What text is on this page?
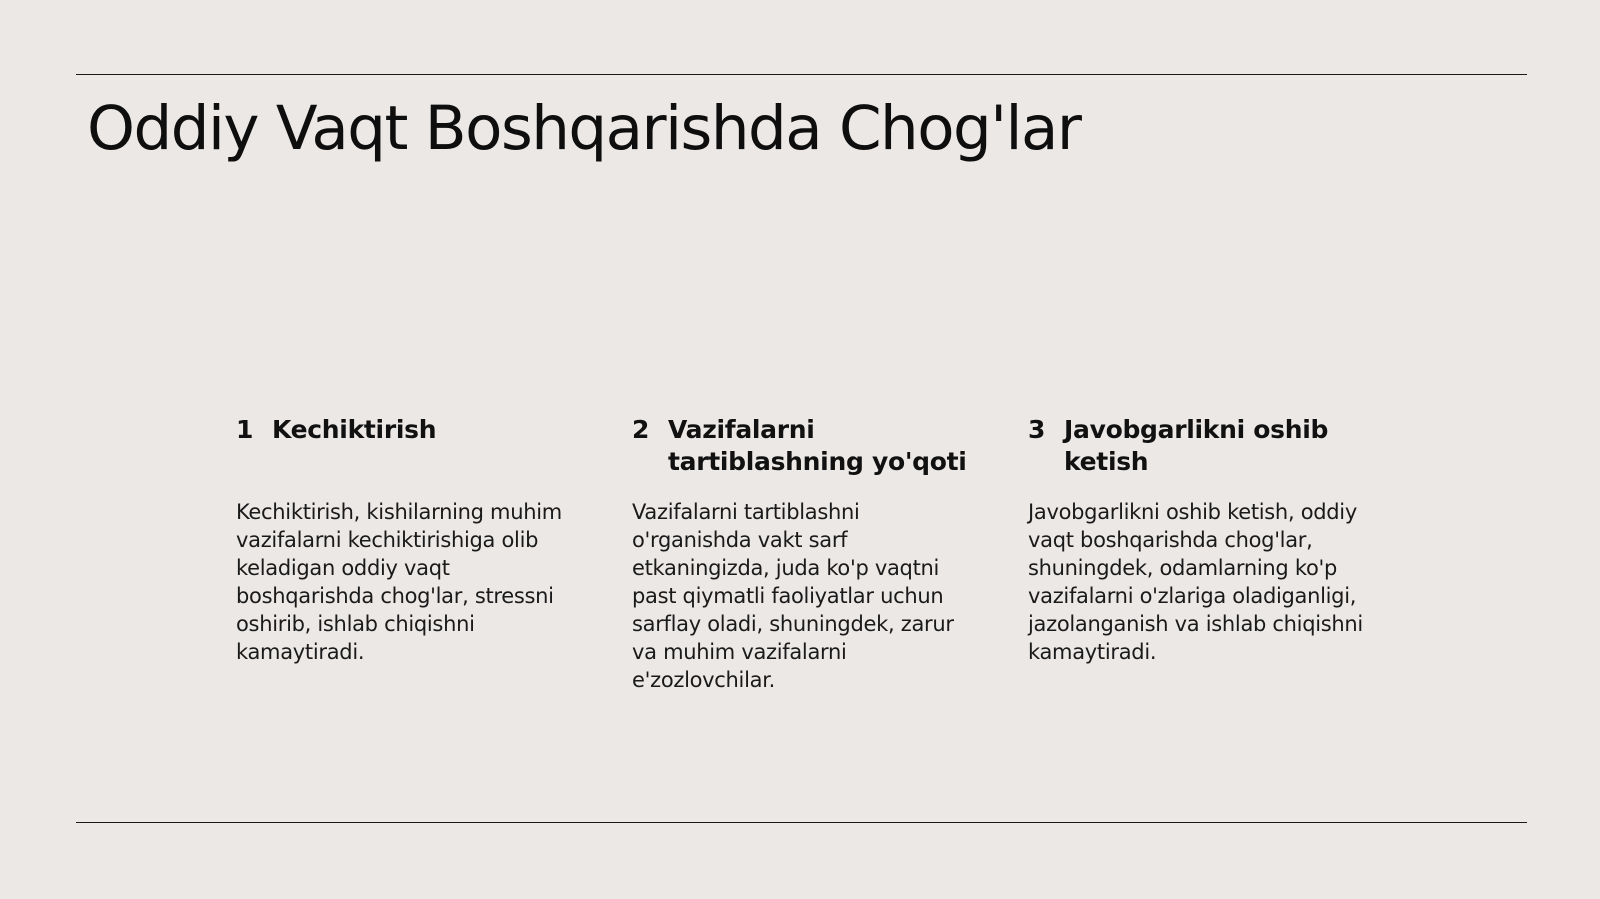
Oddiy Vaqt Boshqarishda Chog'lar
1 Kechiktirish
Kechiktirish, kishilarning muhim vazifalarni kechiktirishiga olib keladigan oddiy vaqt boshqarishda chog'lar, stressni oshirib, ishlab chiqishni kamaytiradi.
2 Vazifalarni tartiblashning yo'qoti
Vazifalarni tartiblashni o'rganishda vakt sarf etkaningizda, juda ko'p vaqtni past qiymatli faoliyatlar uchun sarflay oladi, shuningdek, zarur va muhim vazifalarni e'zozlovchilar.
3 Javobgarlikni oshib ketish
Javobgarlikni oshib ketish, oddiy vaqt boshqarishda chog'lar, shuningdek, odamlarning ko'p vazifalarni o'zlariga oladiganligi, jazolanganish va ishlab chiqishni kamaytiradi.
